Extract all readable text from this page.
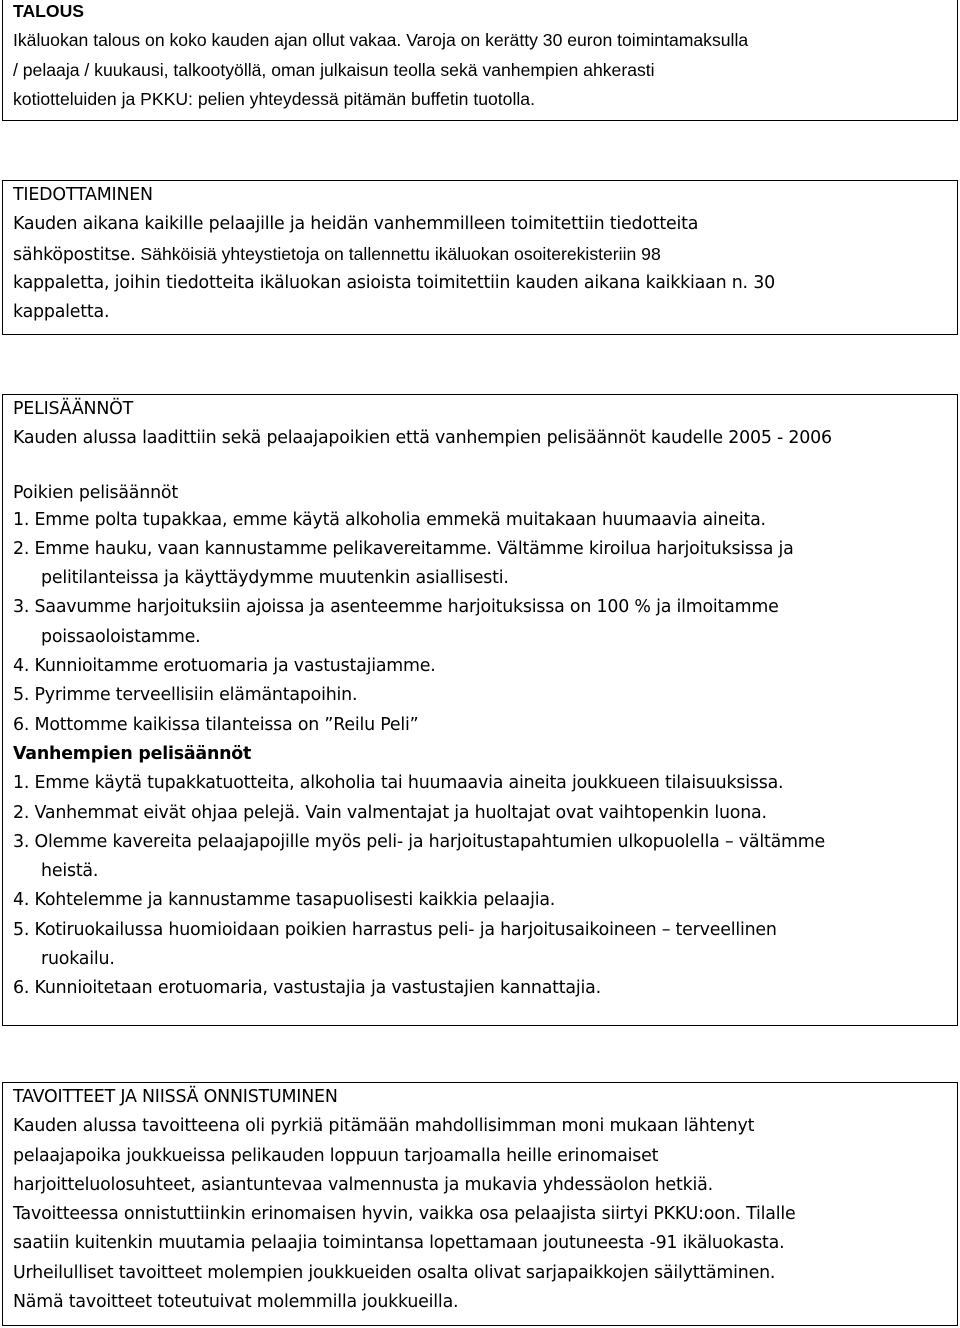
TALOUS
Ikäluokan talous on koko kauden ajan ollut vakaa. Varoja on kerätty 30 euron toimintamaksulla
/ pelaaja / kuukausi, talkootyöllä, oman julkaisun teolla sekä vanhempien ahkerasti
kotiotteluiden ja PKKU: pelien yhteydessä pitämän buffetin tuotolla.
TIEDOTTAMINEN
Kauden aikana kaikille pelaajille ja heidän vanhemmilleen toimitettiin tiedotteita
sähköpostitse. Sähköisiä yhteystietoja on tallennettu ikäluokan osoiterekisteriin 98
kappaletta, joihin tiedotteita ikäluokan asioista toimitettiin kauden aikana kaikkiaan n. 30
kappaletta.
PELISÄÄNNÖT
Kauden alussa laadittiin sekä pelaajapoikien että vanhempien pelisäännöt kaudelle 2005 - 2006
Poikien pelisäännöt
1. Emme polta tupakkaa, emme käytä alkoholia emmekä muitakaan huumaavia aineita.
2. Emme hauku, vaan kannustamme pelikavereitamme. Vältämme kiroilua harjoituksissa ja
pelitilanteissa ja käyttäydymme muutenkin asiallisesti.
3. Saavumme harjoituksiin ajoissa ja asenteemme harjoituksissa on 100 % ja ilmoitamme
poissaoloistamme.
4. Kunnioitamme erotuomaria ja vastustajiamme.
5. Pyrimme terveellisiin elämäntapoihin.
6. Mottomme kaikissa tilanteissa on ”Reilu Peli”
Vanhempien pelisäännöt
1. Emme käytä tupakkatuotteita, alkoholia tai huumaavia aineita joukkueen tilaisuuksissa.
2. Vanhemmat eivät ohjaa pelejä. Vain valmentajat ja huoltajat ovat vaihtopenkin luona.
3. Olemme kavereita pelaajapojille myös peli- ja harjoitustapahtumien ulkopuolella – vältämme
heistä.
4. Kohtelemme ja kannustamme tasapuolisesti kaikkia pelaajia.
5. Kotiruokailussa huomioidaan poikien harrastus peli- ja harjoitusaikoineen – terveellinen
ruokailu.
6. Kunnioitetaan erotuomaria, vastustajia ja vastustajien kannattajia.
TAVOITTEET JA NIISSÄ ONNISTUMINEN
Kauden alussa tavoitteena oli pyrkiä pitämään mahdollisimman moni mukaan lähtenyt
pelaajapoika joukkueissa pelikauden loppuun tarjoamalla heille erinomaiset
harjoitteluolosuhteet, asiantuntevaa valmennusta ja mukavia yhdessäolon hetkiä.
Tavoitteessa onnistuttiinkin erinomaisen hyvin, vaikka osa pelaajista siirtyi PKKU:oon. Tilalle
saatiin kuitenkin muutamia pelaajia toimintansa lopettamaan joutuneesta -91 ikäluokasta.
Urheilulliset tavoitteet molempien joukkueiden osalta olivat sarjapaikkojen säilyttäminen.
Nämä tavoitteet toteutuivat molemmilla joukkueilla.
